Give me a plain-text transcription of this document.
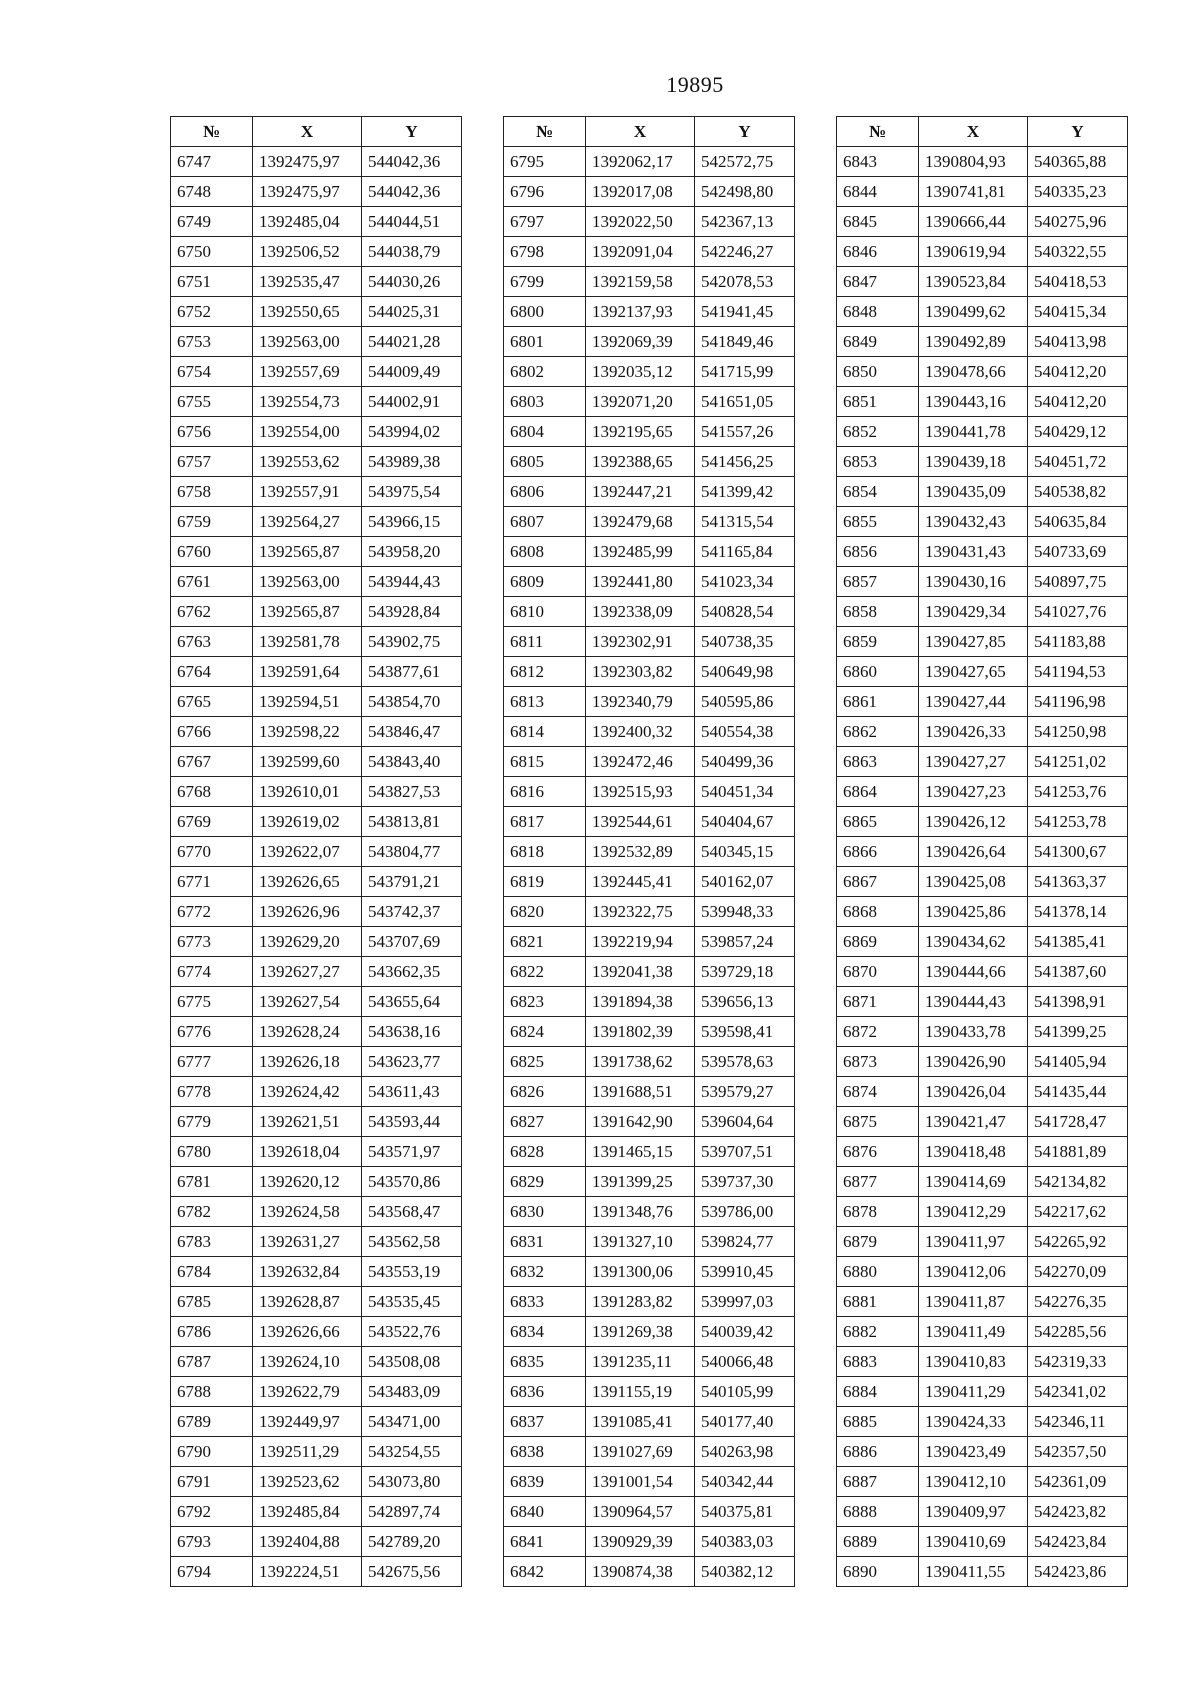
19895
№	X	Y
6747	1392475,97	544042,36
6748	1392475,97	544042,36
6749	1392485,04	544044,51
6750	1392506,52	544038,79
6751	1392535,47	544030,26
6752	1392550,65	544025,31
6753	1392563,00	544021,28
6754	1392557,69	544009,49
6755	1392554,73	544002,91
6756	1392554,00	543994,02
6757	1392553,62	543989,38
6758	1392557,91	543975,54
6759	1392564,27	543966,15
6760	1392565,87	543958,20
6761	1392563,00	543944,43
6762	1392565,87	543928,84
6763	1392581,78	543902,75
6764	1392591,64	543877,61
6765	1392594,51	543854,70
6766	1392598,22	543846,47
6767	1392599,60	543843,40
6768	1392610,01	543827,53
6769	1392619,02	543813,81
6770	1392622,07	543804,77
6771	1392626,65	543791,21
6772	1392626,96	543742,37
6773	1392629,20	543707,69
6774	1392627,27	543662,35
6775	1392627,54	543655,64
6776	1392628,24	543638,16
6777	1392626,18	543623,77
6778	1392624,42	543611,43
6779	1392621,51	543593,44
6780	1392618,04	543571,97
6781	1392620,12	543570,86
6782	1392624,58	543568,47
6783	1392631,27	543562,58
6784	1392632,84	543553,19
6785	1392628,87	543535,45
6786	1392626,66	543522,76
6787	1392624,10	543508,08
6788	1392622,79	543483,09
6789	1392449,97	543471,00
6790	1392511,29	543254,55
6791	1392523,62	543073,80
6792	1392485,84	542897,74
6793	1392404,88	542789,20
6794	1392224,51	542675,56
№	X	Y
6795	1392062,17	542572,75
6796	1392017,08	542498,80
6797	1392022,50	542367,13
6798	1392091,04	542246,27
6799	1392159,58	542078,53
6800	1392137,93	541941,45
6801	1392069,39	541849,46
6802	1392035,12	541715,99
6803	1392071,20	541651,05
6804	1392195,65	541557,26
6805	1392388,65	541456,25
6806	1392447,21	541399,42
6807	1392479,68	541315,54
6808	1392485,99	541165,84
6809	1392441,80	541023,34
6810	1392338,09	540828,54
6811	1392302,91	540738,35
6812	1392303,82	540649,98
6813	1392340,79	540595,86
6814	1392400,32	540554,38
6815	1392472,46	540499,36
6816	1392515,93	540451,34
6817	1392544,61	540404,67
6818	1392532,89	540345,15
6819	1392445,41	540162,07
6820	1392322,75	539948,33
6821	1392219,94	539857,24
6822	1392041,38	539729,18
6823	1391894,38	539656,13
6824	1391802,39	539598,41
6825	1391738,62	539578,63
6826	1391688,51	539579,27
6827	1391642,90	539604,64
6828	1391465,15	539707,51
6829	1391399,25	539737,30
6830	1391348,76	539786,00
6831	1391327,10	539824,77
6832	1391300,06	539910,45
6833	1391283,82	539997,03
6834	1391269,38	540039,42
6835	1391235,11	540066,48
6836	1391155,19	540105,99
6837	1391085,41	540177,40
6838	1391027,69	540263,98
6839	1391001,54	540342,44
6840	1390964,57	540375,81
6841	1390929,39	540383,03
6842	1390874,38	540382,12
№	X	Y
6843	1390804,93	540365,88
6844	1390741,81	540335,23
6845	1390666,44	540275,96
6846	1390619,94	540322,55
6847	1390523,84	540418,53
6848	1390499,62	540415,34
6849	1390492,89	540413,98
6850	1390478,66	540412,20
6851	1390443,16	540412,20
6852	1390441,78	540429,12
6853	1390439,18	540451,72
6854	1390435,09	540538,82
6855	1390432,43	540635,84
6856	1390431,43	540733,69
6857	1390430,16	540897,75
6858	1390429,34	541027,76
6859	1390427,85	541183,88
6860	1390427,65	541194,53
6861	1390427,44	541196,98
6862	1390426,33	541250,98
6863	1390427,27	541251,02
6864	1390427,23	541253,76
6865	1390426,12	541253,78
6866	1390426,64	541300,67
6867	1390425,08	541363,37
6868	1390425,86	541378,14
6869	1390434,62	541385,41
6870	1390444,66	541387,60
6871	1390444,43	541398,91
6872	1390433,78	541399,25
6873	1390426,90	541405,94
6874	1390426,04	541435,44
6875	1390421,47	541728,47
6876	1390418,48	541881,89
6877	1390414,69	542134,82
6878	1390412,29	542217,62
6879	1390411,97	542265,92
6880	1390412,06	542270,09
6881	1390411,87	542276,35
6882	1390411,49	542285,56
6883	1390410,83	542319,33
6884	1390411,29	542341,02
6885	1390424,33	542346,11
6886	1390423,49	542357,50
6887	1390412,10	542361,09
6888	1390409,97	542423,82
6889	1390410,69	542423,84
6890	1390411,55	542423,86
